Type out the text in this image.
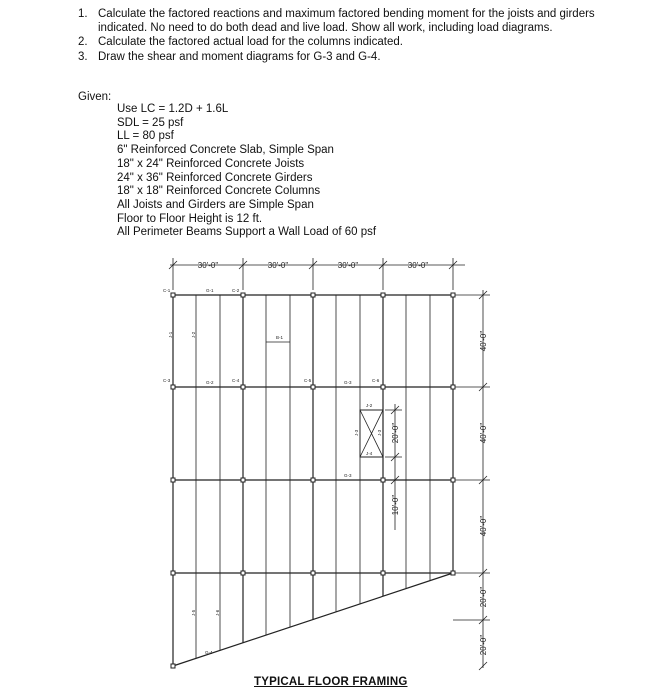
1. Calculate the factored reactions and maximum factored bending moment for the joists and girders indicated. No need to do both dead and live load. Show all work, including load diagrams.
2. Calculate the factored actual load for the columns indicated.
3. Draw the shear and moment diagrams for G-3 and G-4.
Given:
Use LC = 1.2D + 1.6L
SDL = 25 psf
LL = 80 psf
6" Reinforced Concrete Slab, Simple Span
18" x 24" Reinforced Concrete Joists
24" x 36" Reinforced Concrete Girders
18" x 18" Reinforced Concrete Columns
All Joists and Girders are Simple Span
Floor to Floor Height is 12 ft.
All Perimeter Beams Support a Wall Load of 60 psf
30'-0"	30'-0"	30'-0"	30'-0"
40'-0"
40'-0"
40'-0"
20'-0"
20'-0"
20'-0"
10'-0"
C-1	G-1	C-2
B-1
C-3	G-2	C-4	C-5	G-3	C-6
G-3
G-4
J-2
J-4
J-1	J-2
J-3
J-5	J-6
J-3
TYPICAL FLOOR FRAMING
